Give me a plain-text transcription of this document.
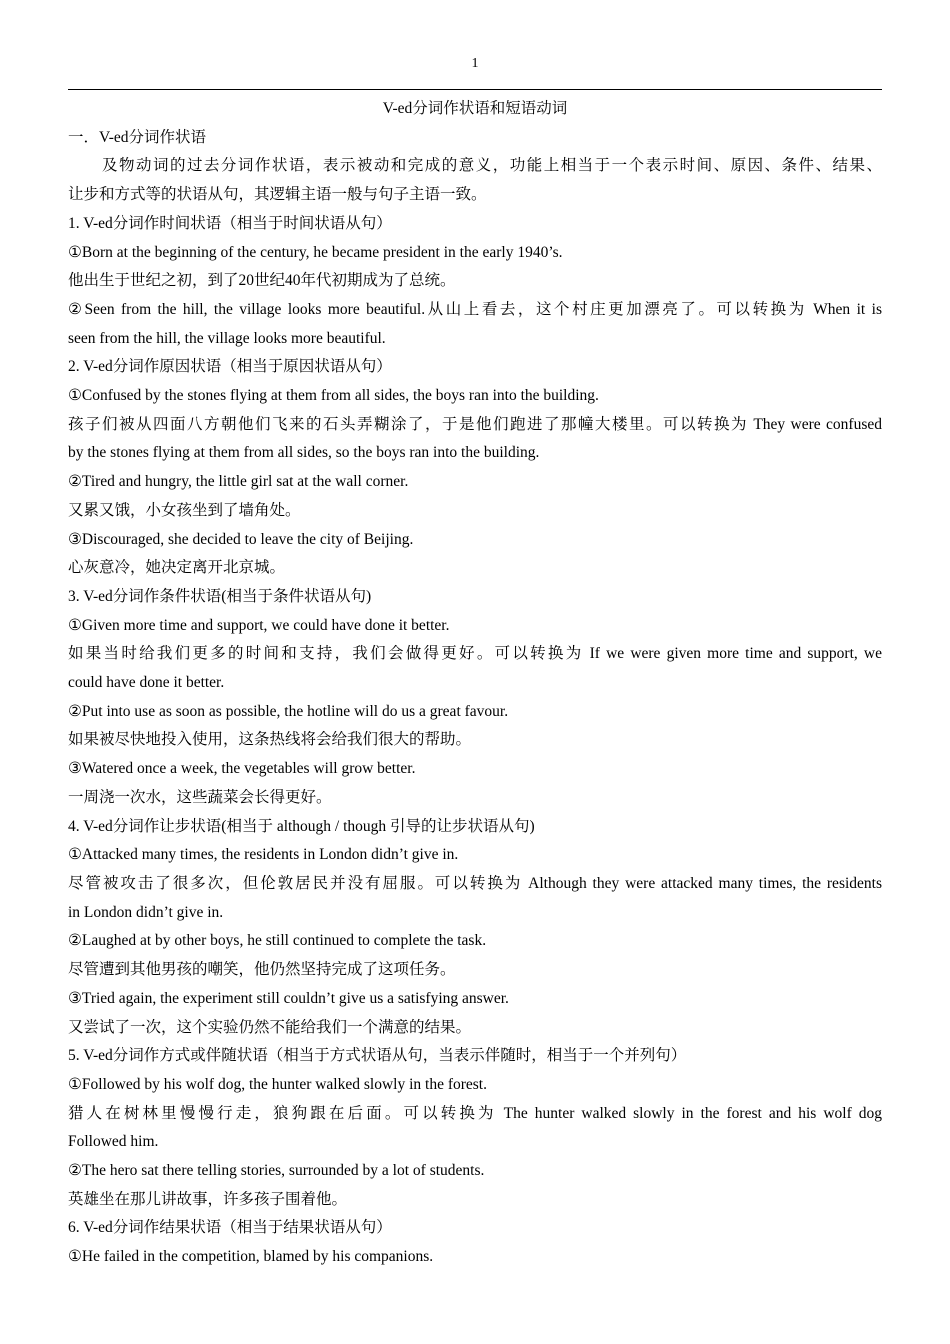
1
V-ed分词作状语和短语动词
一．V-ed分词作状语
及物动词的过去分词作状语，表示被动和完成的意义，功能上相当于一个表示时间、原因、条件、结果、
让步和方式等的状语从句，其逻辑主语一般与句子主语一致。
1. V-ed分词作时间状语（相当于时间状语从句）
①Born at the beginning of the century, he became president in the early 1940’s.
他出生于世纪之初，到了20世纪40年代初期成为了总统。
②Seen from the hill, the village looks more beautiful.从山上看去，这个村庄更加漂亮了。可以转换为 When it is
seen from the hill, the village looks more beautiful.
2. V-ed分词作原因状语（相当于原因状语从句）
①Confused by the stones flying at them from all sides, the boys ran into the building.
孩子们被从四面八方朝他们飞来的石头弄糊涂了，于是他们跑进了那幢大楼里。可以转换为 They were confused
by the stones flying at them from all sides, so the boys ran into the building.
②Tired and hungry, the little girl sat at the wall corner.
又累又饿，小女孩坐到了墙角处。
③Discouraged, she decided to leave the city of Beijing.
心灰意冷，她决定离开北京城。
3. V-ed分词作条件状语(相当于条件状语从句)
①Given more time and support, we could have done it better.
如果当时给我们更多的时间和支持，我们会做得更好。可以转换为 If we were given more time and support, we
could have done it better.
②Put into use as soon as possible, the hotline will do us a great favour.
如果被尽快地投入使用，这条热线将会给我们很大的帮助。
③Watered once a week, the vegetables will grow better.
一周浇一次水，这些蔬菜会长得更好。
4. V-ed分词作让步状语(相当于 although / though 引导的让步状语从句)
①Attacked many times, the residents in London didn’t give in.
尽管被攻击了很多次，但伦敦居民并没有屈服。可以转换为 Although they were attacked many times, the residents
in London didn’t give in.
②Laughed at by other boys, he still continued to complete the task.
尽管遭到其他男孩的嘲笑，他仍然坚持完成了这项任务。
③Tried again, the experiment still couldn’t give us a satisfying answer.
又尝试了一次，这个实验仍然不能给我们一个满意的结果。
5. V-ed分词作方式或伴随状语（相当于方式状语从句，当表示伴随时，相当于一个并列句）
①Followed by his wolf dog, the hunter walked slowly in the forest.
猎人在树林里慢慢行走，狼狗跟在后面。可以转换为 The hunter walked slowly in the forest and his wolf dog
Followed him.
②The hero sat there telling stories, surrounded by a lot of students.
英雄坐在那儿讲故事，许多孩子围着他。
6. V-ed分词作结果状语（相当于结果状语从句）
①He failed in the competition, blamed by his companions.
